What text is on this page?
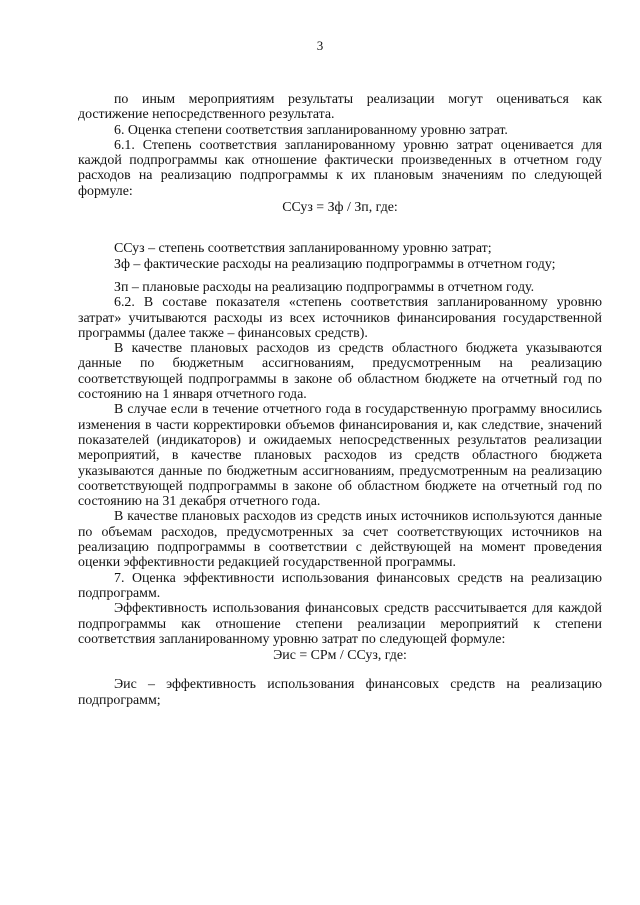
3

по иным мероприятиям результаты реализации могут оцениваться как достижение непосредственного результата.

6. Оценка степени соответствия запланированному уровню затрат.

6.1. Степень соответствия запланированному уровню затрат оценивается для каждой подпрограммы как отношение фактически произведенных в отчетном году расходов на реализацию подпрограммы к их плановым значениям по следующей формуле:

ССуз = Зф / Зп, где:

ССуз – степень соответствия запланированному уровню затрат;

Зф – фактические расходы на реализацию подпрограммы в отчетном году;

Зп – плановые расходы на реализацию подпрограммы в отчетном году.

6.2. В составе показателя «степень соответствия запланированному уровню затрат» учитываются расходы из всех источников финансирования государственной программы (далее также – финансовых средств).

В качестве плановых расходов из средств областного бюджета указываются данные по бюджетным ассигнованиям, предусмотренным на реализацию соответствующей подпрограммы в законе об областном бюджете на отчетный год по состоянию на 1 января отчетного года.

В случае если в течение отчетного года в государственную программу вносились изменения в части корректировки объемов финансирования и, как следствие, значений показателей (индикаторов) и ожидаемых непосредственных результатов реализации мероприятий, в качестве плановых расходов из средств областного бюджета указываются данные по бюджетным ассигнованиям, предусмотренным на реализацию соответствующей подпрограммы в законе об областном бюджете на отчетный год по состоянию на 31 декабря отчетного года.

В качестве плановых расходов из средств иных источников используются данные по объемам расходов, предусмотренных за счет соответствующих источников на реализацию подпрограммы в соответствии с действующей на момент проведения оценки эффективности редакцией государственной программы.

7. Оценка эффективности использования финансовых средств на реализацию подпрограмм.

Эффективность использования финансовых средств рассчитывается для каждой подпрограммы как отношение степени реализации мероприятий к степени соответствия запланированному уровню затрат по следующей формуле:

Эис = СРм / ССуз, где:

Эис – эффективность использования финансовых средств на реализацию подпрограмм;
